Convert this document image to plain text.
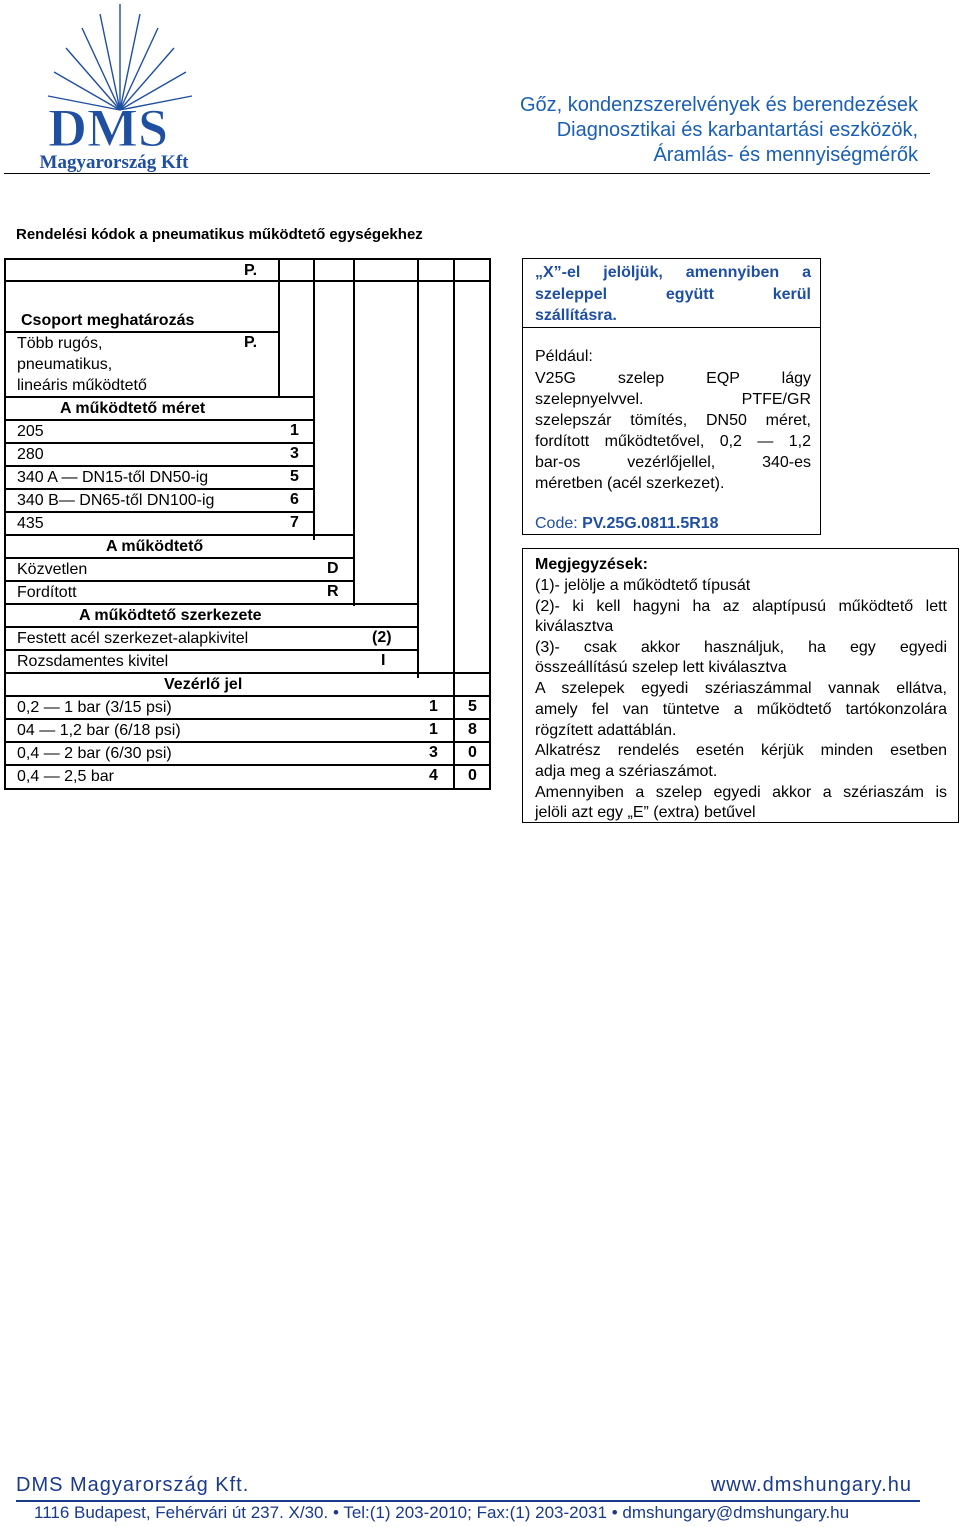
DMS
Magyarország Kft
Gőz, kondenzszerelvények és berendezések
Diagnosztikai és karbantartási eszközök,
Áramlás- és mennyiségmérők
Rendelési kódok a pneumatikus működtető egységekhez
P.
Csoport meghatározás
Több rugós,	P.
pneumatikus,
lineáris működtető
A működtető méret
205	1
280	3
340 A — DN15-től DN50-ig	5
340 B— DN65-től DN100-ig	6
435	7
A működtető
Közvetlen	D
Fordított	R
A működtető szerkezete
Festett acél szerkezet-alapkivitel	(2)
Rozsdamentes kivitel	I
Vezérlő jel
0,2 — 1 bar (3/15 psi)	1 5
04 — 1,2 bar (6/18 psi)	1 8
0,4 — 2 bar (6/30 psi)	3 0
0,4 — 2,5 bar	4 0
„X”-el jelöljük, amennyiben a
szeleppel együtt kerül
szállításra.
Például:
V25G szelep EQP lágy
szelepnyelvvel. PTFE/GR
szelepszár tömítés, DN50 méret,
fordított működtetővel, 0,2 — 1,2
bar-os vezérlőjellel, 340-es
méretben (acél szerkezet).
Code: PV.25G.0811.5R18
Megjegyzések:
(1)- jelölje a működtető típusát
(2)- ki kell hagyni ha az alaptípusú működtető lett
kiválasztva
(3)- csak akkor használjuk, ha egy egyedi
összeállítású szelep lett kiválasztva
A szelepek egyedi szériaszámmal vannak ellátva,
amely fel van tüntetve a működtető tartókonzolára
rögzített adattáblán.
Alkatrész rendelés esetén kérjük minden esetben
adja meg a szériaszámot.
Amennyiben a szelep egyedi akkor a szériaszám is
jelöli azt egy „E” (extra) betűvel
DMS Magyarország Kft.	www.dmshungary.hu
1116 Budapest, Fehérvári út 237. X/30. • Tel:(1) 203-2010; Fax:(1) 203-2031 • dmshungary@dmshungary.hu
